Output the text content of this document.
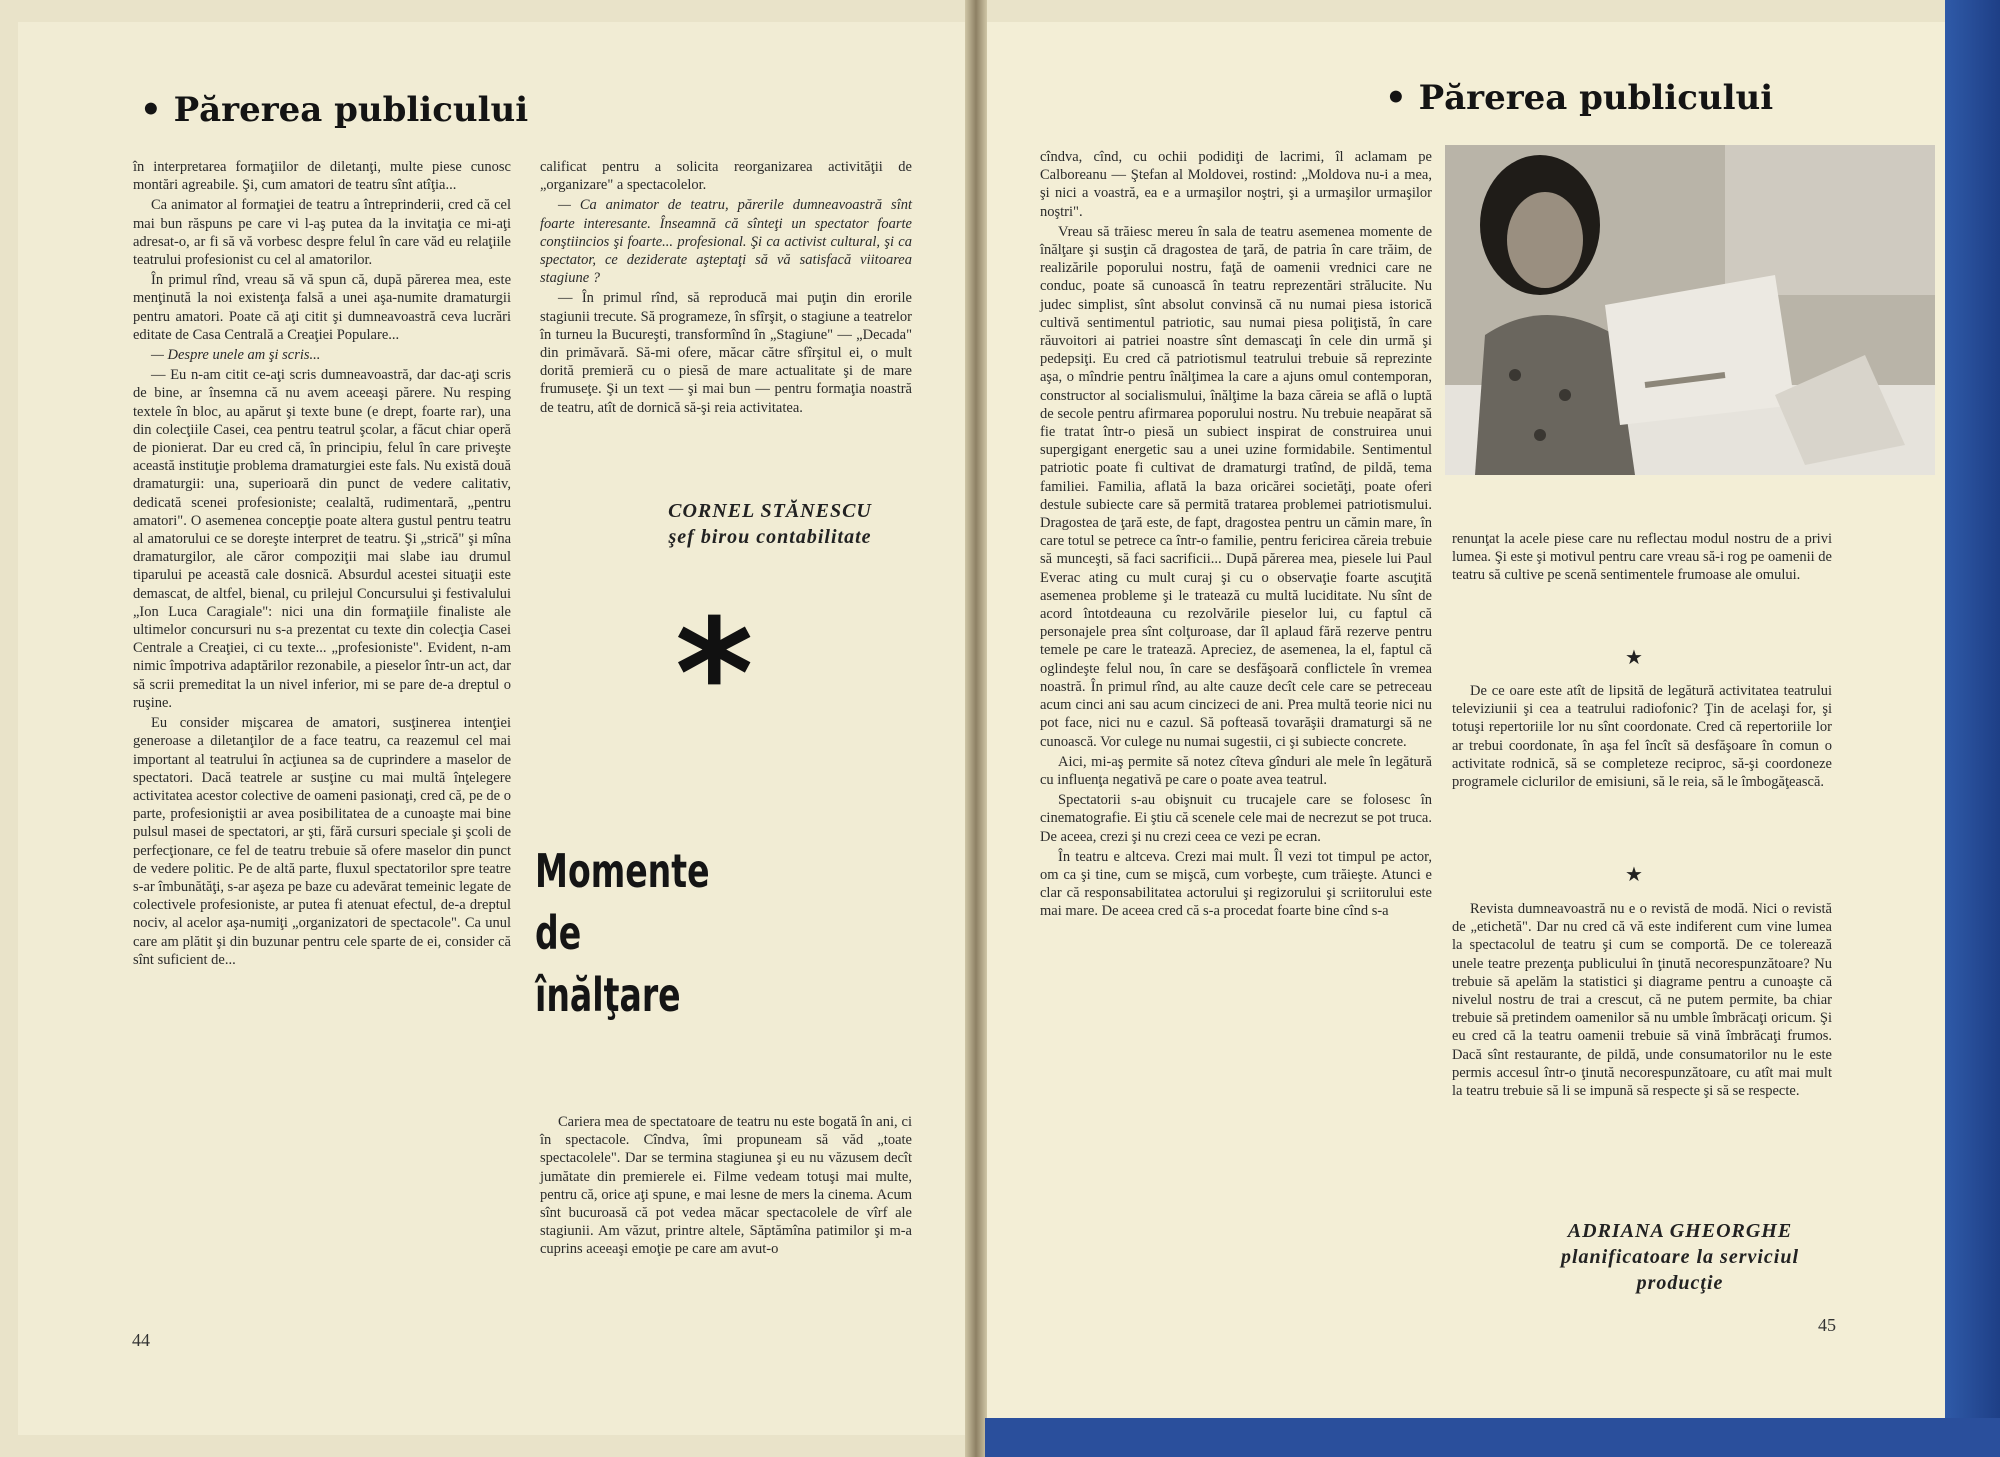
• Părerea publicului

în interpretarea formaţiilor de diletanţi, multe piese cunosc montări agreabile. Şi, cum amatori de teatru sînt atîţia...

Ca animator al formaţiei de teatru a întreprinderii, cred că cel mai bun răspuns pe care vi l-aş putea da la invitaţia ce mi-aţi adresat-o, ar fi să vă vorbesc despre felul în care văd eu relaţiile teatrului profesionist cu cel al amatorilor.

În primul rînd, vreau să vă spun că, după părerea mea, este menţinută la noi existenţa falsă a unei aşa-numite dramaturgii pentru amatori. Poate că aţi citit şi dumneavoastră ceva lucrări editate de Casa Centrală a Creaţiei Populare...

— Despre unele am şi scris...

— Eu n-am citit ce-aţi scris dumneavoastră, dar dac-aţi scris de bine, ar însemna că nu avem aceeaşi părere. Nu resping textele în bloc, au apărut şi texte bune (e drept, foarte rar), una din colecţiile Casei, cea pentru teatrul şcolar, a făcut chiar operă de pionierat. Dar eu cred că, în principiu, felul în care priveşte această instituţie problema dramaturgiei este fals. Nu există două dramaturgii: una, superioară din punct de vedere calitativ, dedicată scenei profesioniste; cealaltă, rudimentară, „pentru amatori". O asemenea concepţie poate altera gustul pentru teatru al amatorului ce se doreşte interpret de teatru. Şi „strică" şi mîna dramaturgilor, ale căror compoziţii mai slabe iau drumul tiparului pe această cale dosnică. Absurdul acestei situaţii este demascat, de altfel, bienal, cu prilejul Concursului şi festivalului „Ion Luca Caragiale": nici una din formaţiile finaliste ale ultimelor concursuri nu s-a prezentat cu texte din colecţia Casei Centrale a Creaţiei, ci cu texte... „profesioniste". Evident, n-am nimic împotriva adaptărilor rezonabile, a pieselor într-un act, dar să scrii premeditat la un nivel inferior, mi se pare de-a dreptul o ruşine.

Eu consider mişcarea de amatori, susţinerea intenţiei generoase a diletanţilor de a face teatru, ca reazemul cel mai important al teatrului în acţiunea sa de cuprindere a maselor de spectatori. Dacă teatrele ar susţine cu mai multă înţelegere activitatea acestor colective de oameni pasionaţi, cred că, pe de o parte, profesioniştii ar avea posibilitatea de a cunoaşte mai bine pulsul masei de spectatori, ar şti, fără cursuri speciale şi şcoli de perfecţionare, ce fel de teatru trebuie să ofere maselor din punct de vedere politic. Pe de altă parte, fluxul spectatorilor spre teatre s-ar îmbunătăţi, s-ar aşeza pe baze cu adevărat temeinic legate de colectivele profesioniste, ar putea fi atenuat efectul, de-a dreptul nociv, al acelor aşa-numiţi „organizatori de spectacole". Ca unul care am plătit şi din buzunar pentru cele sparte de ei, consider că sînt suficient de...

calificat pentru a solicita reorganizarea activităţii de „organizare" a spectacolelor.

— Ca animator de teatru, părerile dumneavoastră sînt foarte interesante. Înseamnă că sînteţi un spectator foarte conştiincios şi foarte... profesional. Şi ca activist cultural, şi ca spectator, ce deziderate aşteptaţi să vă satisfacă viitoarea stagiune ?

— În primul rînd, să reproducă mai puţin din erorile stagiunii trecute. Să programeze, în sfîrşit, o stagiune a teatrelor în turneu la Bucureşti, transformînd în „Stagiune" — „Decada" din primăvară. Să-mi ofere, măcar către sfîrşitul ei, o mult dorită premieră cu o piesă de mare actualitate şi de mare frumuseţe. Şi un text — şi mai bun — pentru formaţia noastră de teatru, atît de dornică să-şi reia activitatea.

CORNEL STĂNESCU
şef birou contabilitate
*
Momente
de
înălţare

Cariera mea de spectatoare de teatru nu este bogată în ani, ci în spectacole. Cîndva, îmi propuneam să văd „toate spectacolele". Dar se termina stagiunea şi eu nu văzusem decît jumătate din premierele ei. Filme vedeam totuşi mai multe, pentru că, orice aţi spune, e mai lesne de mers la cinema. Acum sînt bucuroasă că pot vedea măcar spectacolele de vîrf ale stagiunii. Am văzut, printre altele, Săptămîna patimilor şi m-a cuprins aceeaşi emoţie pe care am avut-o

44
• Părerea publicului

cîndva, cînd, cu ochii podidiţi de lacrimi, îl aclamam pe Calboreanu — Ştefan al Moldovei, rostind: „Moldova nu-i a mea, şi nici a voastră, ea e a urmaşilor noştri, şi a urmaşilor urmaşilor noştri".

Vreau să trăiesc mereu în sala de teatru asemenea momente de înălţare şi susţin că dragostea de ţară, de patria în care trăim, de realizările poporului nostru, faţă de oamenii vrednici care ne conduc, poate să cunoască în teatru reprezentări strălucite. Nu judec simplist, sînt absolut convinsă că nu numai piesa istorică cultivă sentimentul patriotic, sau numai piesa poliţistă, în care răuvoitori ai patriei noastre sînt demascaţi în cele din urmă şi pedepsiţi. Eu cred că patriotismul teatrului trebuie să reprezinte aşa, o mîndrie pentru înălţimea la care a ajuns omul contemporan, constructor al socialismului, înălţime la baza căreia se află o luptă de secole pentru afirmarea poporului nostru. Nu trebuie neapărat să fie tratat într-o piesă un subiect inspirat de construirea unui supergigant energetic sau a unei uzine formidabile. Sentimentul patriotic poate fi cultivat de dramaturgi tratînd, de pildă, tema familiei. Familia, aflată la baza oricărei societăţi, poate oferi destule subiecte care să permită tratarea problemei patriotismului. Dragostea de ţară este, de fapt, dragostea pentru un cămin mare, în care totul se petrece ca într-o familie, pentru fericirea căreia trebuie să munceşti, să faci sacrificii... După părerea mea, piesele lui Paul Everac ating cu mult curaj şi cu o observaţie foarte ascuţită asemenea probleme şi le tratează cu multă luciditate. Nu sînt de acord întotdeauna cu rezolvările pieselor lui, cu faptul că personajele prea sînt colţuroase, dar îl aplaud fără rezerve pentru temele pe care le tratează. Apreciez, de asemenea, la el, faptul că oglindeşte felul nou, în care se desfăşoară conflictele în vremea noastră. În primul rînd, au alte cauze decît cele care se petreceau acum cinci ani sau acum cincizeci de ani. Prea multă teorie nici nu pot face, nici nu e cazul. Să pofteasă tovarăşii dramaturgi să ne cunoască. Vor culege nu numai sugestii, ci şi subiecte concrete.

Aici, mi-aş permite să notez cîteva gînduri ale mele în legătură cu influenţa negativă pe care o poate avea teatrul.

Spectatorii s-au obişnuit cu trucajele care se folosesc în cinematografie. Ei ştiu că scenele cele mai de necrezut se pot truca. De aceea, crezi şi nu crezi ceea ce vezi pe ecran.

În teatru e altceva. Crezi mai mult. Îl vezi tot timpul pe actor, om ca şi tine, cum se mişcă, cum vorbeşte, cum trăieşte. Atunci e clar că responsabilitatea actorului şi regizorului şi scriitorului este mai mare. De aceea cred că s-a procedat foarte bine cînd s-a

renunţat la acele piese care nu reflectau modul nostru de a privi lumea. Şi este şi motivul pentru care vreau să-i rog pe oamenii de teatru să cultive pe scenă sentimentele frumoase ale omului.

★

De ce oare este atît de lipsită de legătură activitatea teatrului televiziunii şi cea a teatrului radiofonic? Ţin de acelaşi for, şi totuşi repertoriile lor nu sînt coordonate. Cred că repertoriile lor ar trebui coordonate, în aşa fel încît să desfăşoare în comun o activitate rodnică, să se completeze reciproc, să-şi coordoneze programele ciclurilor de emisiuni, să le reia, să le îmbogăţească.

★

Revista dumneavoastră nu e o revistă de modă. Nici o revistă de „etichetă". Dar nu cred că vă este indiferent cum vine lumea la spectacolul de teatru şi cum se comportă. De ce tolerează unele teatre prezenţa publicului în ţinută necorespunzătoare? Nu trebuie să apelăm la statistici şi diagrame pentru a cunoaşte că nivelul nostru de trai a crescut, că ne putem permite, ba chiar trebuie să pretindem oamenilor să nu umble îmbrăcaţi oricum. Şi eu cred că la teatru oamenii trebuie să vină îmbrăcaţi frumos. Dacă sînt restaurante, de pildă, unde consumatorilor nu le este permis accesul într-o ţinută necorespunzătoare, cu atît mai mult la teatru trebuie să li se impună să respecte şi să se respecte.

ADRIANA GHEORGHE
planificatoare la serviciul producţie
45
